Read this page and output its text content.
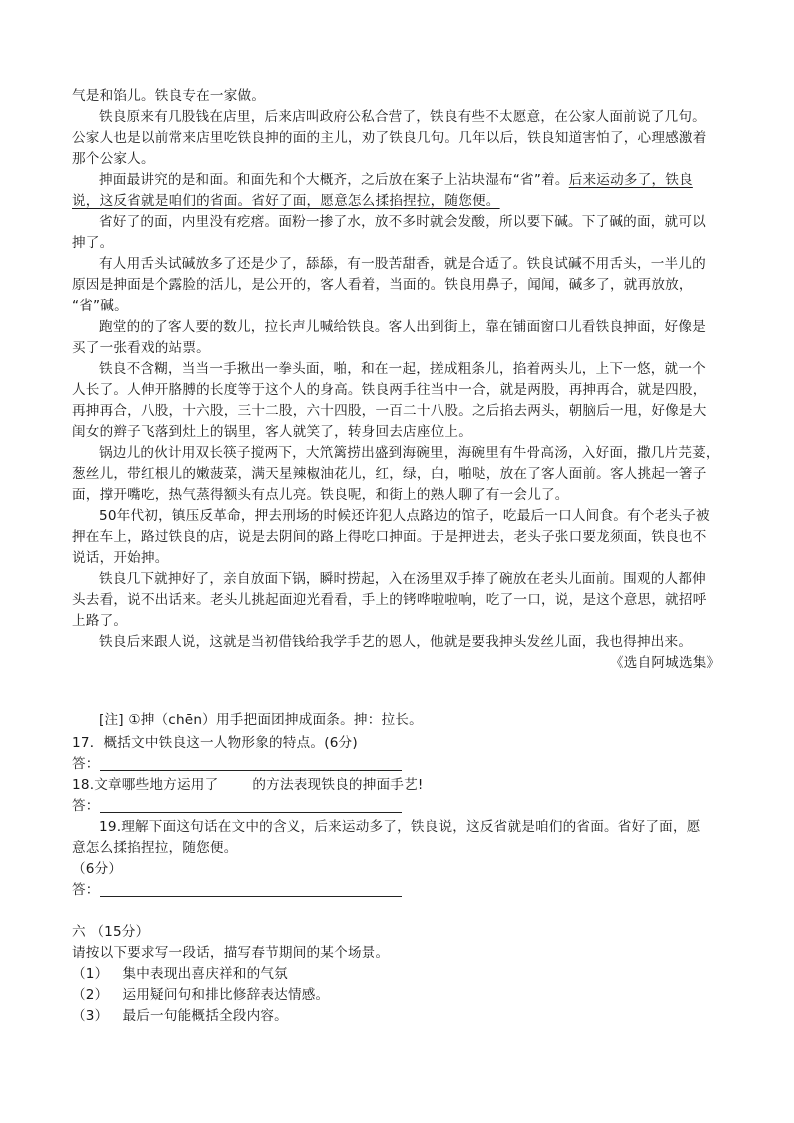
气是和馅儿。铁良专在一家做。
铁良原来有几股钱在店里，后来店叫政府公私合营了，铁良有些不太愿意，在公家人面前说了几句。
公家人也是以前常来店里吃铁良抻的面的主儿，劝了铁良几句。几年以后，铁良知道害怕了，心理感激着
那个公家人。
抻面最讲究的是和面。和面先和个大概齐，之后放在案子上沾块湿布“省”着。后来运动多了，铁良
说，这反省就是咱们的省面。省好了面，愿意怎么揉掐捏拉，随您便。
省好了的面，内里没有疙瘩。面粉一掺了水，放不多时就会发酸，所以要下碱。下了碱的面，就可以
抻了。
有人用舌头试碱放多了还是少了，舔舔，有一股苦甜香，就是合适了。铁良试碱不用舌头，一半儿的
原因是抻面是个露脸的活儿，是公开的，客人看着，当面的。铁良用鼻子，闻闻，碱多了，就再放放，
“省”碱。
跑堂的的了客人要的数儿，拉长声儿喊给铁良。客人出到街上，靠在铺面窗口儿看铁良抻面，好像是
买了一张看戏的站票。
铁良不含糊，当当一手揪出一拳头面，啪，和在一起，搓成粗条儿，掐着两头儿，上下一悠，就一个
人长了。人伸开胳膊的长度等于这个人的身高。铁良两手往当中一合，就是两股，再抻再合，就是四股，
再抻再合，八股，十六股，三十二股，六十四股，一百二十八股。之后掐去两头，朝脑后一甩，好像是大
闺女的辫子飞落到灶上的锅里，客人就笑了，转身回去店座位上。
锅边儿的伙计用双长筷子搅两下，大笊篱捞出盛到海碗里，海碗里有牛骨高汤，入好面，撒几片芫荽，
葱丝儿，带红根儿的嫩菠菜，满天星辣椒油花儿，红，绿，白，啪哒，放在了客人面前。客人挑起一箸子
面，撑开嘴吃，热气蒸得额头有点儿亮。铁良呢，和街上的熟人聊了有一会儿了。
50年代初，镇压反革命，押去刑场的时候还许犯人点路边的馆子，吃最后一口人间食。有个老头子被
押在车上，路过铁良的店，说是去阴间的路上得吃口抻面。于是押进去，老头子张口要龙须面，铁良也不
说话，开始抻。
铁良几下就抻好了，亲自放面下锅，瞬时捞起，入在汤里双手捧了碗放在老头儿面前。围观的人都伸
头去看，说不出话来。老头儿挑起面迎光看看，手上的铐哗啦啦响，吃了一口，说，是这个意思，就招呼
上路了。
铁良后来跟人说，这就是当初借钱给我学手艺的恩人，他就是要我抻头发丝儿面，我也得抻出来。
《选自阿城选集》
[注] ①抻（chēn）用手把面团抻成面条。抻：拉长。
17．概括文中铁良这一人物形象的特点。(6分)
答：
18.文章哪些地方运用了	的方法表现铁良的抻面手艺!
答：
19.理解下面这句话在文中的含义，后来运动多了，铁良说，这反省就是咱们的省面。省好了面，愿
意怎么揉掐捏拉，随您便。
（6分）
答：
六 （15分）
请按以下要求写一段话，描写春节期间的某个场景。
（1） 集中表现出喜庆祥和的气氛
（2） 运用疑问句和排比修辞表达情感。
（3） 最后一句能概括全段内容。
